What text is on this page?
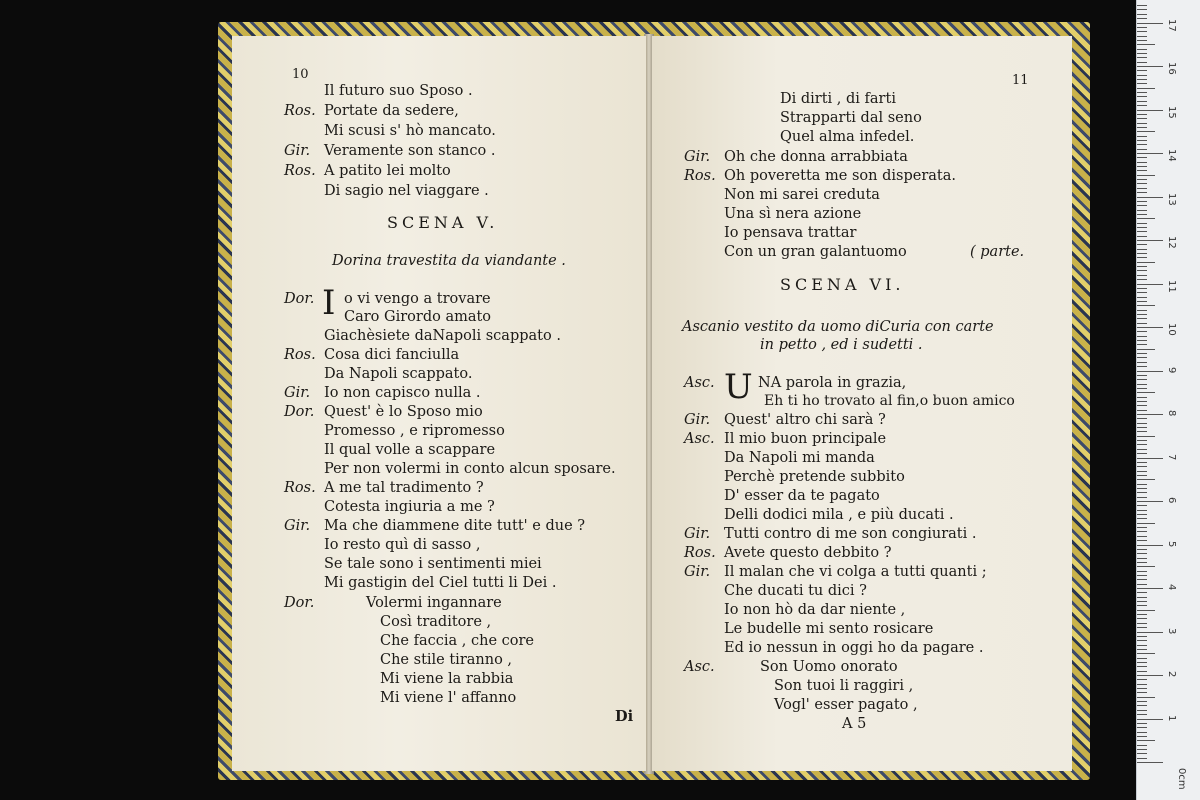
10
Il futuro suo Sposo .
Ros. Portate da sedere,
Mi scusi s' hò mancato.
Gir. Veramente son stanco .
Ros. A patito lei molto
Di sagio nel viaggare .
SCENA V.
Dorina travestita da viandante .
Dor. I o vi vengo a trovare
Caro Girordo amato
Giachèsiete daNapoli scappato .
Ros. Cosa dici fanciulla
Da Napoli scappato.
Gir. Io non capisco nulla .
Dor. Quest' è lo Sposo mio
Promesso , e ripromesso
Il qual volle a scappare
Per non volermi in conto alcun sposare.
Ros. A me tal tradimento ?
Cotesta ingiuria a me ?
Gir. Ma che diammene dite tutt' e due ?
Io resto quì di sasso ,
Se tale sono i sentimenti miei
Mi gastigin del Ciel tutti li Dei .
Dor.	Volermi ingannare
Così traditore ,
Che faccia , che core
Che stile tiranno ,
Mi viene la rabbia
Mi viene l' affanno
Di
11
Di dirti , di farti
Strapparti dal seno
Quel alma infedel.
Gir. Oh che donna arrabbiata
Ros. Oh poveretta me son disperata.
Non mi sarei creduta
Una sì nera azione
Io pensava trattar
Con un gran galantuomo	( parte.
SCENA VI.
Ascanio vestito da uomo diCuria con carte
in petto , ed i sudetti .
Asc. U NA parola in grazia,
Eh ti ho trovato al fin,o buon amico
Gir. Quest' altro chi sarà ?
Asc. Il mio buon principale
Da Napoli mi manda
Perchè pretende subbito
D' esser da te pagato
Delli dodici mila , e più ducati .
Gir. Tutti contro di me son congiurati .
Ros. Avete questo debbito ?
Gir. Il malan che vi colga a tutti quanti ;
Che ducati tu dici ?
Io non hò da dar niente ,
Le budelle mi sento rosicare
Ed io nessun in oggi ho da pagare .
Asc.	Son Uomo onorato
Son tuoi li raggiri ,
Vogl' esser pagato ,
A 5	1
2
3
4
5
6
7
8
9
10
11
12
13
14
15
16
17
0cm
